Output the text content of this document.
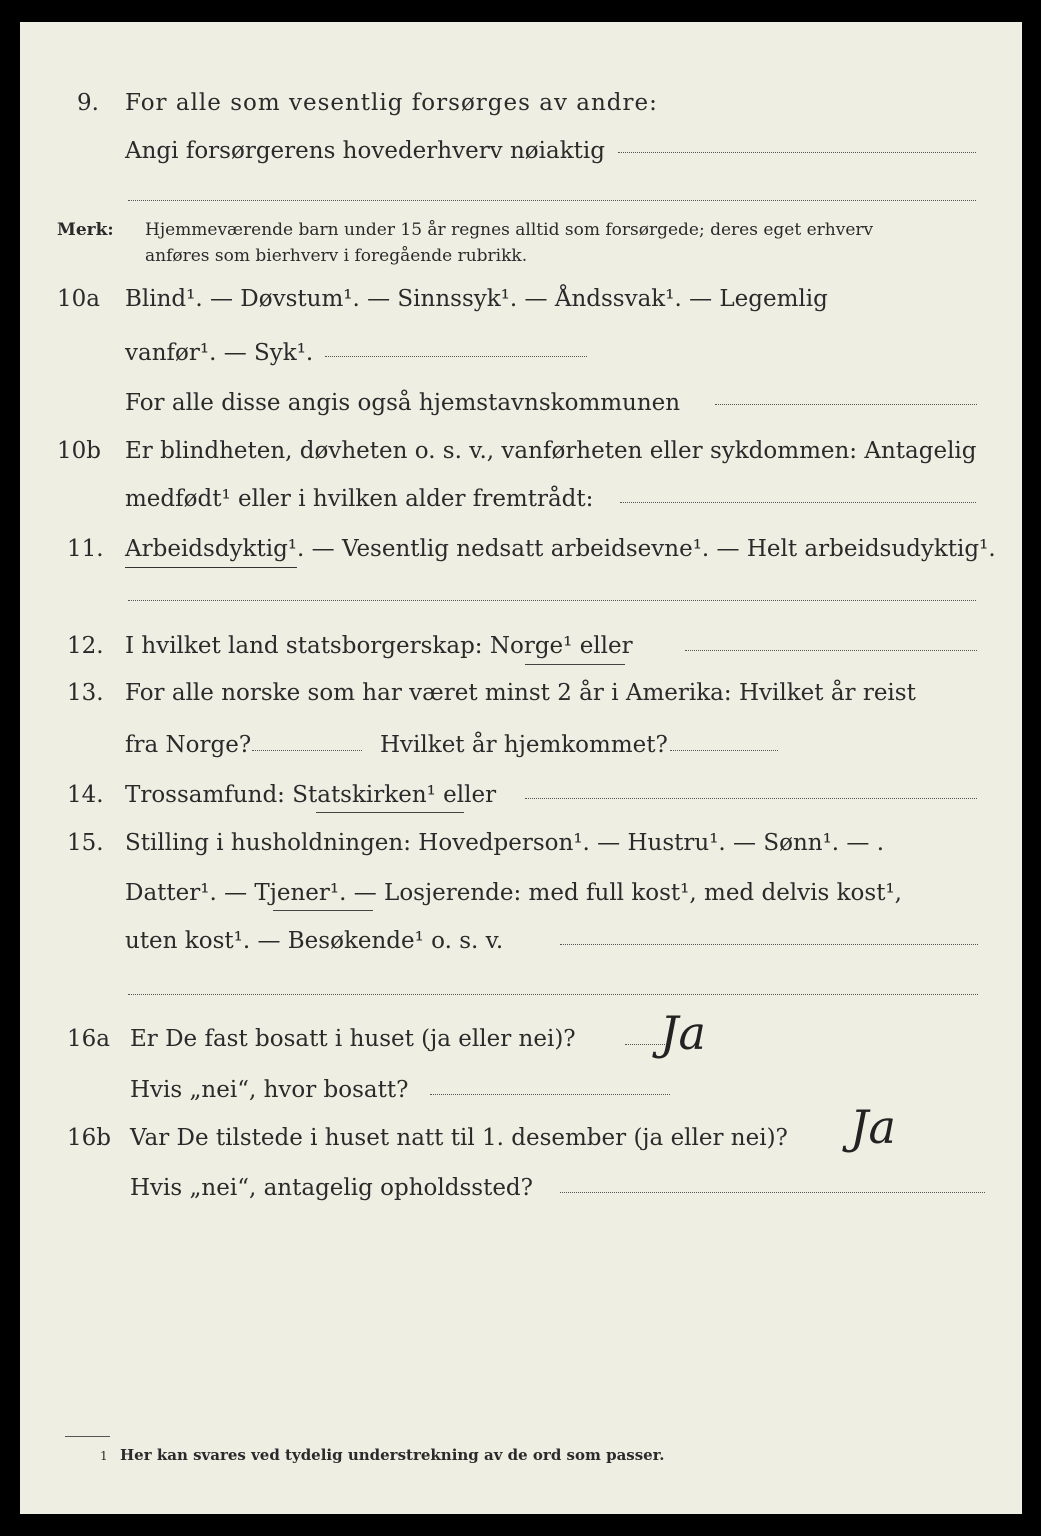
9. For alle som vesentlig forsørges av andre:
Angi forsørgerens hovederhverv nøiaktig
Merk: Hjemmeværende barn under 15 år regnes alltid som forsørgede; deres eget erhverv
anføres som bierhverv i foregående rubrikk.
10a Blind¹. — Døvstum¹. — Sinnssyk¹. — Åndssvak¹. — Legemlig
vanfør¹. — Syk¹.
For alle disse angis også hjemstavnskommunen
10b Er blindheten, døvheten o. s. v., vanførheten eller sykdommen: Antagelig
medfødt¹ eller i hvilken alder fremtrådt:
11. Arbeidsdyktig¹. — Vesentlig nedsatt arbeidsevne¹. — Helt arbeidsudyktig¹.
12. I hvilket land statsborgerskap: Norge¹ eller
13. For alle norske som har været minst 2 år i Amerika: Hvilket år reist
fra Norge?	Hvilket år hjemkommet?
14. Trossamfund: Statskirken¹ eller
15. Stilling i husholdningen: Hovedperson¹. — Hustru¹. — Sønn¹. — .
Datter¹. — Tjener¹. — Losjerende: med full kost¹, med delvis kost¹,
uten kost¹. — Besøkende¹ o. s. v.
16a Er De fast bosatt i huset (ja eller nei)? Ja
Hvis „nei“, hvor bosatt?
16b Var De tilstede i huset natt til 1. desember (ja eller nei)? Ja
Hvis „nei“, antagelig opholdssted?
1 Her kan svares ved tydelig understrekning av de ord som passer.
